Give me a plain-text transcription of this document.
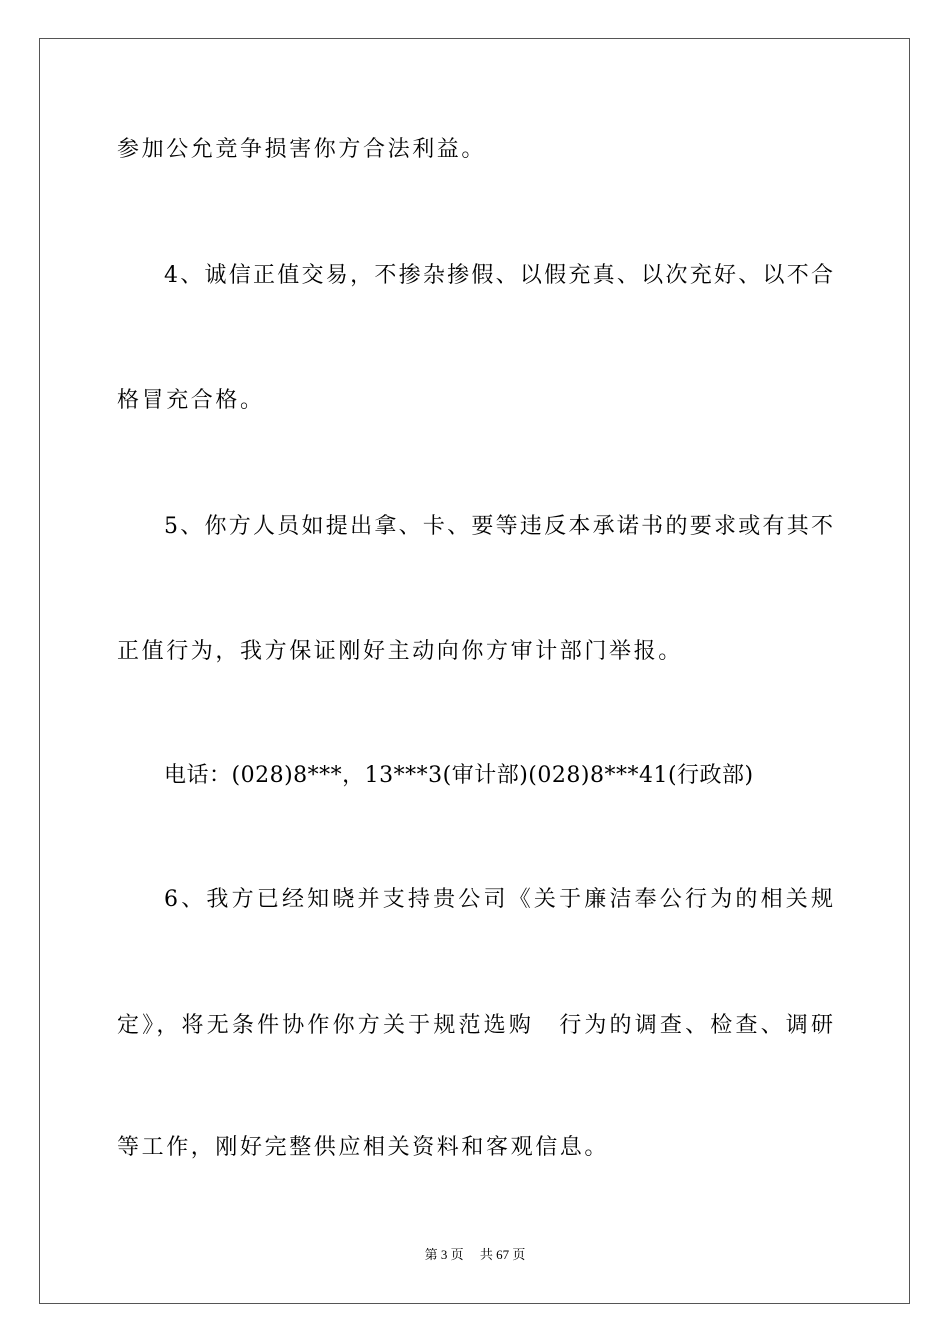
参加公允竞争损害你方合法利益。
4、诚信正值交易，不掺杂掺假、以假充真、以次充好、以不合
格冒充合格。
5、你方人员如提出拿、卡、要等违反本承诺书的要求或有其不
正值行为，我方保证刚好主动向你方审计部门举报。
电话：(028)8***，13***3(审计部)(028)8***41(行政部)
6、我方已经知晓并支持贵公司《关于廉洁奉公行为的相关规
定》，将无条件协作你方关于规范选购　行为的调查、检查、调研
等工作，刚好完整供应相关资料和客观信息。
第 3 页　 共 67 页
